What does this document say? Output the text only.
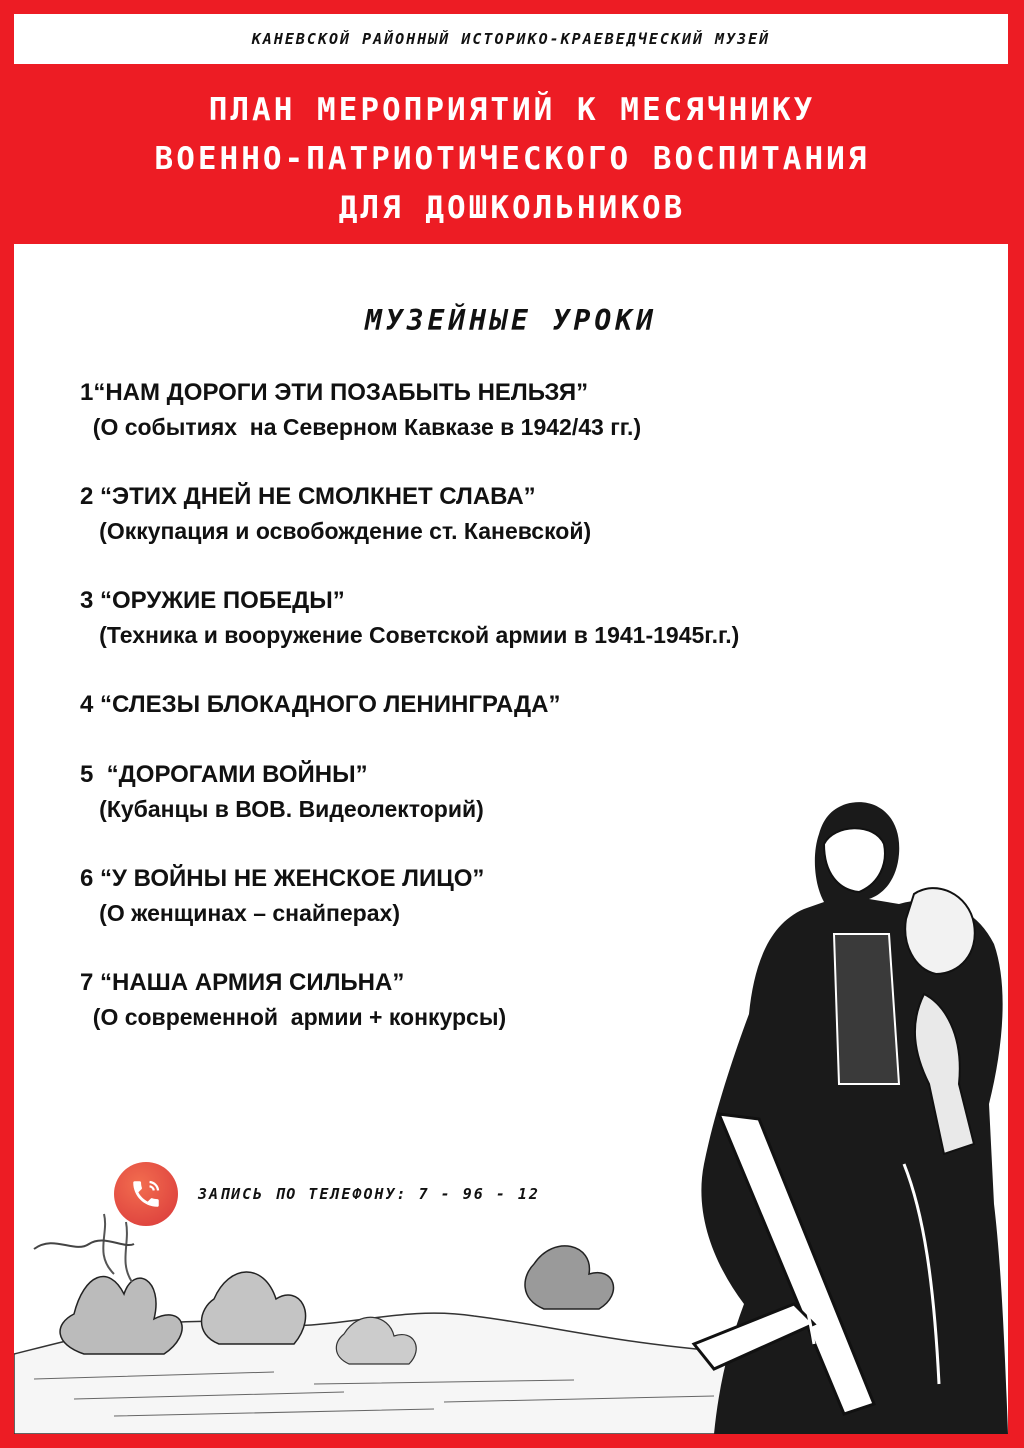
КАНЕВСКОЙ РАЙОННЫЙ ИСТОРИКО-КРАЕВЕДЧЕСКИЙ МУЗЕЙ
ПЛАН МЕРОПРИЯТИЙ К МЕСЯЧНИКУ
ВОЕННО-ПАТРИОТИЧЕСКОГО ВОСПИТАНИЯ
ДЛЯ ДОШКОЛЬНИКОВ
МУЗЕЙНЫЕ УРОКИ
1“НАМ ДОРОГИ ЭТИ ПОЗАБЫТЬ НЕЛЬЗЯ”
(О событиях  на Северном Кавказе в 1942/43 гг.)
2 “ЭТИХ ДНЕЙ НЕ СМОЛКНЕТ СЛАВА”
(Оккупация и освобождение ст. Каневской)
3 “ОРУЖИЕ ПОБЕДЫ”
(Техника и вооружение Советской армии в 1941-1945г.г.)
4 “СЛЕЗЫ БЛОКАДНОГО ЛЕНИНГРАДА”
5  “ДОРОГАМИ ВОЙНЫ”
(Кубанцы в ВОВ. Видеолекторий)
6 “У ВОЙНЫ НЕ ЖЕНСКОЕ ЛИЦО”
(О женщинах – снайперах)
7 “НАША АРМИЯ СИЛЬНА”
(О современной  армии + конкурсы)
ЗАПИСЬ ПО ТЕЛЕФОНУ: 7 - 96 - 12
